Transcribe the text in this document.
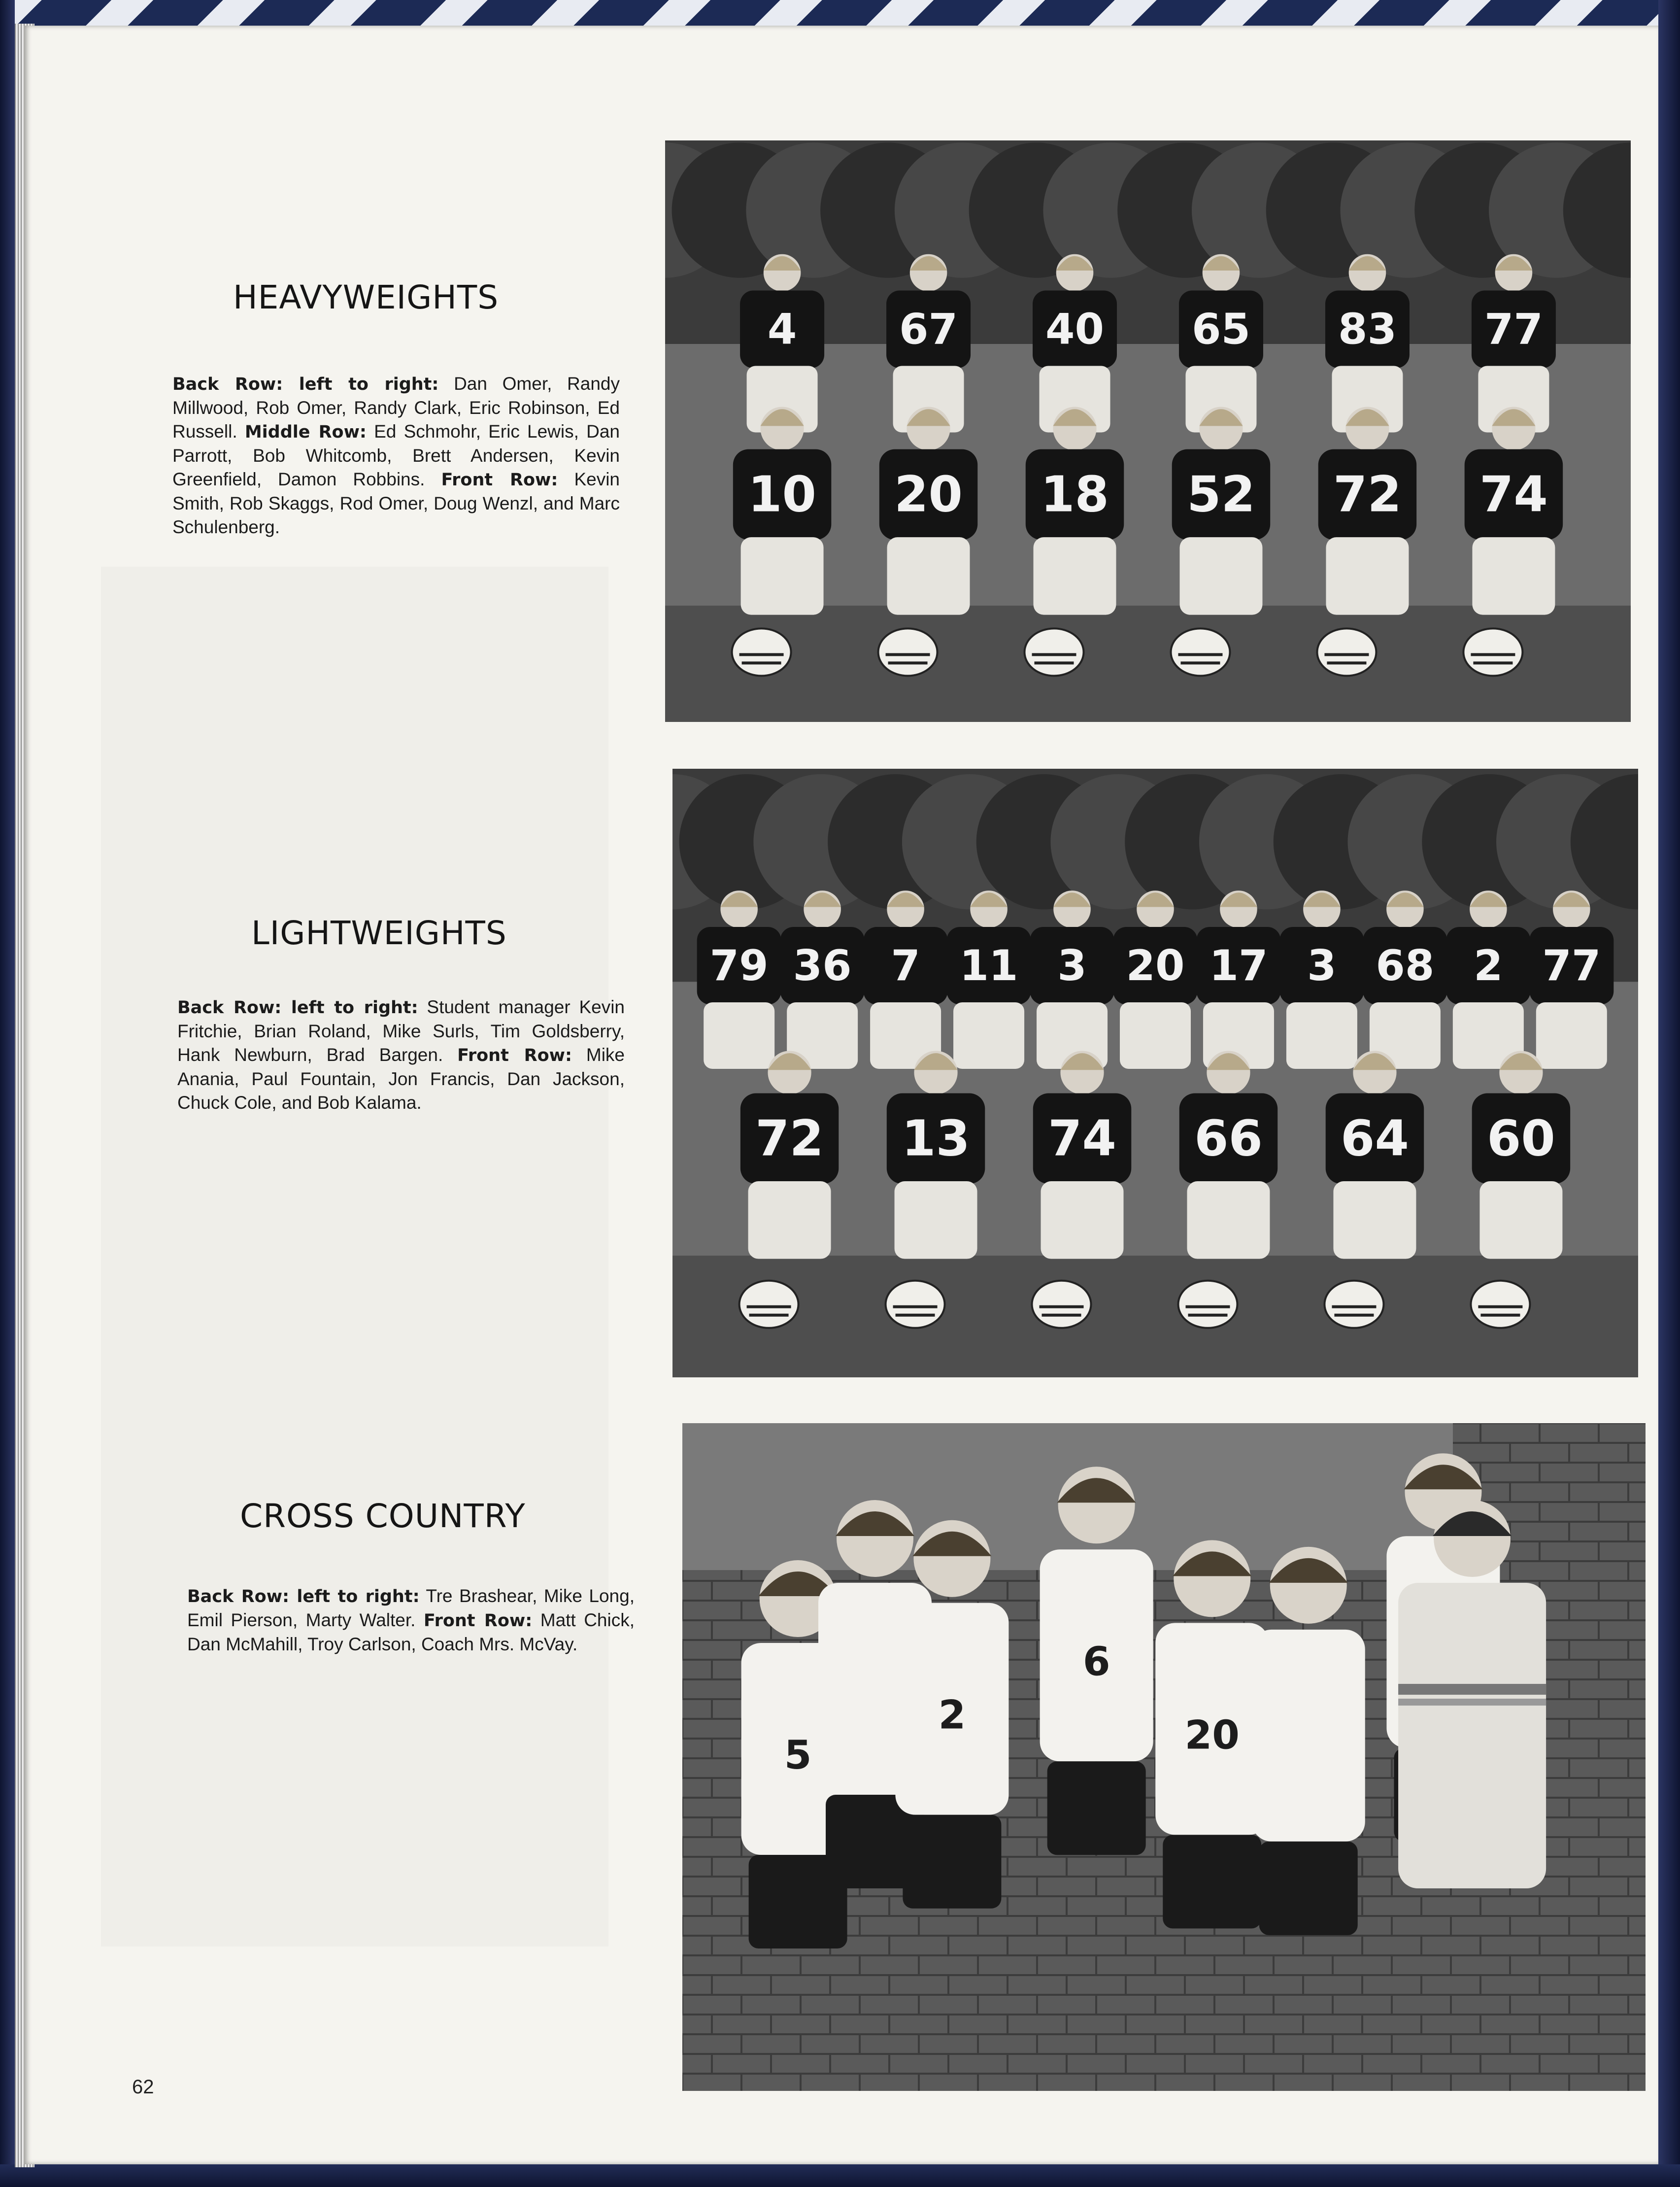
HEAVYWEIGHTS
Back Row: left to right: Dan Omer, Randy Millwood, Rob Omer, Randy Clark, Eric Robinson, Ed Russell. Middle Row: Ed Schmohr, Eric Lewis, Dan Parrott, Bob Whitcomb, Brett Andersen, Kevin Greenfield, Damon Robbins. Front Row: Kevin Smith, Rob Skaggs, Rod Omer, Doug Wenzl, and Marc Schulenberg.
4 67 40 65 83 77
10 20 18 52 72 74
LIGHTWEIGHTS
Back Row: left to right: Student manager Kevin Fritchie, Brian Roland, Mike Surls, Tim Goldsberry, Hank Newburn, Brad Bargen. Front Row: Mike Anania, Paul Fountain, Jon Francis, Dan Jackson, Chuck Cole, and Bob Kalama.
79 36 7 11 3 20 17 3 68 2 77
72 13 74 66 64 60
CROSS COUNTRY
Back Row: left to right: Tre Brashear, Mike Long, Emil Pierson, Marty Walter. Front Row: Matt Chick, Dan McMahill, Troy Carlson, Coach Mrs. McVay.
5
2
6
20
62
